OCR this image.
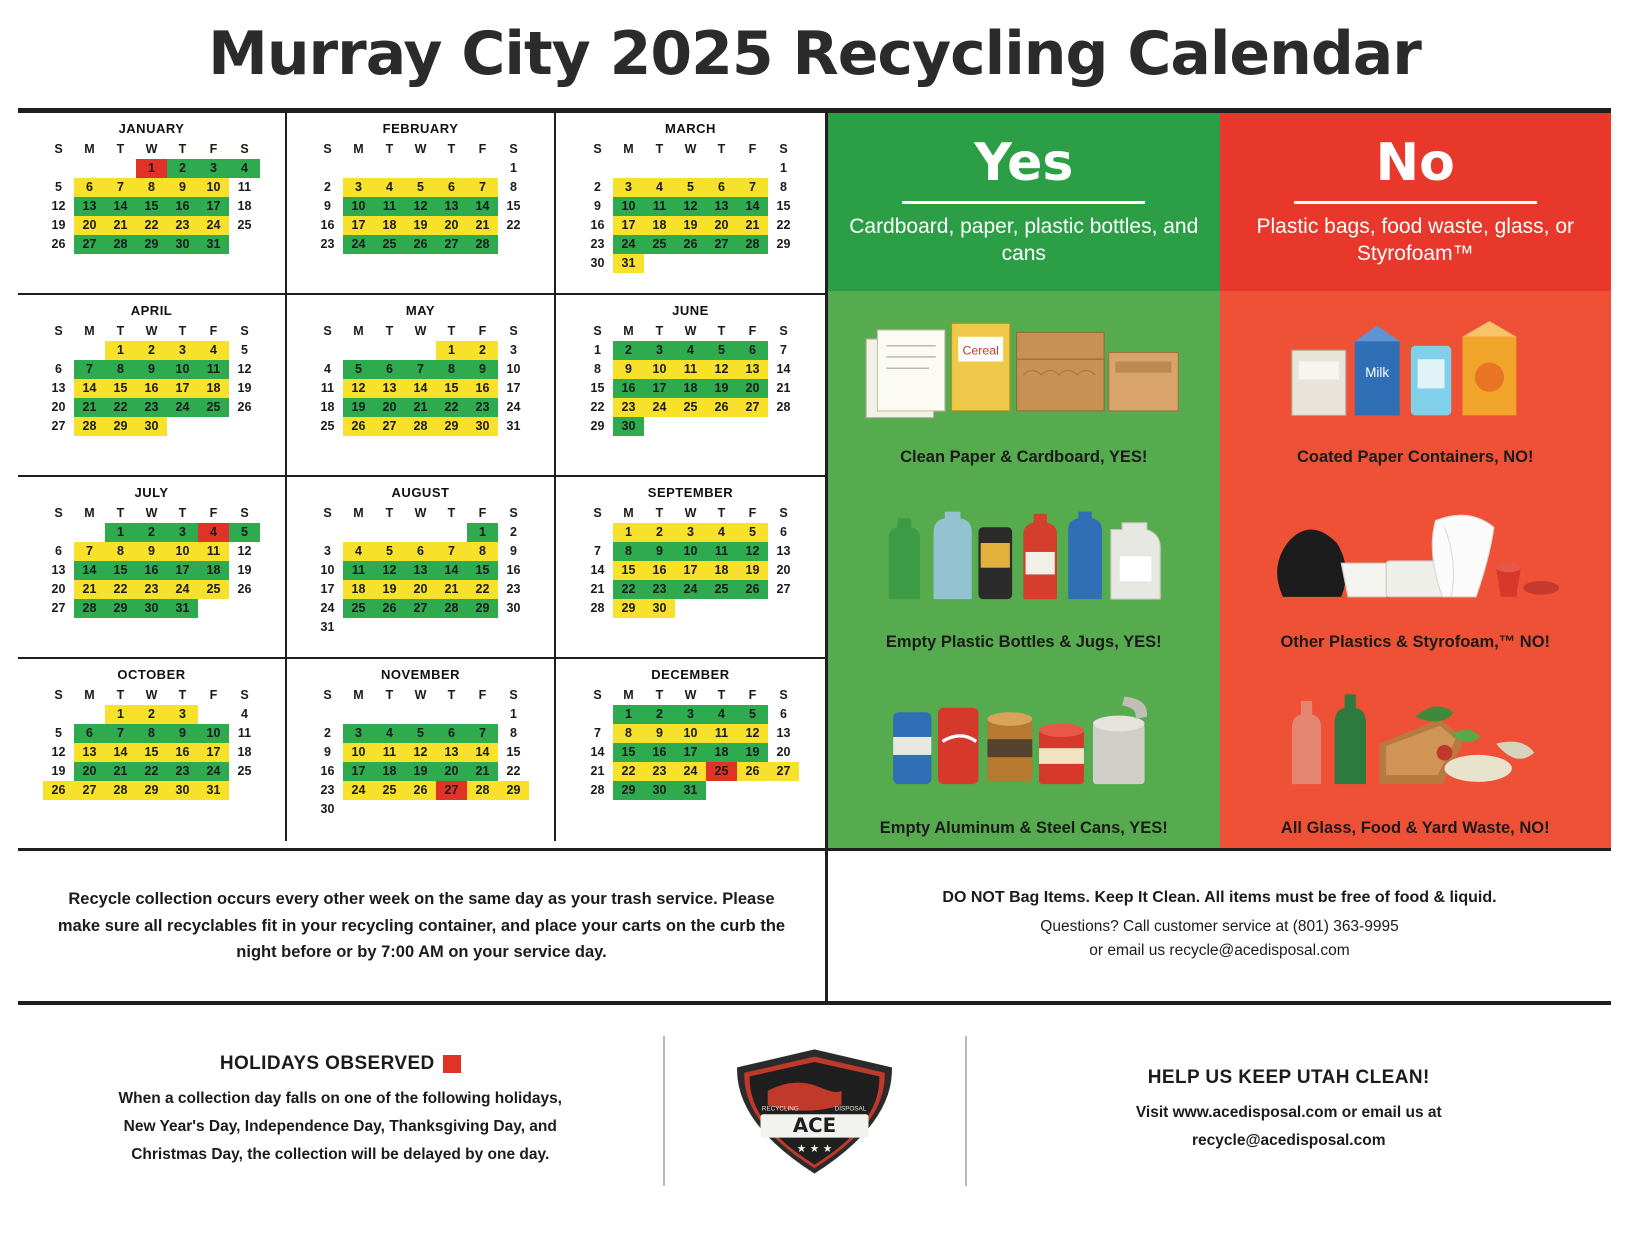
Murray City 2025 Recycling Calendar
JANUARY
S	M	T	W	T	F	S
			1	2	3	4
5	6	7	8	9	10	11
12	13	14	15	16	17	18
19	20	21	22	23	24	25
26	27	28	29	30	31	
FEBRUARY
S	M	T	W	T	F	S
						1
2	3	4	5	6	7	8
9	10	11	12	13	14	15
16	17	18	19	20	21	22
23	24	25	26	27	28	
MARCH
S	M	T	W	T	F	S
						1
2	3	4	5	6	7	8
9	10	11	12	13	14	15
16	17	18	19	20	21	22
23	24	25	26	27	28	29
30	31					
APRIL
S	M	T	W	T	F	S
		1	2	3	4	5
6	7	8	9	10	11	12
13	14	15	16	17	18	19
20	21	22	23	24	25	26
27	28	29	30			
MAY
S	M	T	W	T	F	S
				1	2	3
4	5	6	7	8	9	10
11	12	13	14	15	16	17
18	19	20	21	22	23	24
25	26	27	28	29	30	31
JUNE
S	M	T	W	T	F	S
1	2	3	4	5	6	7
8	9	10	11	12	13	14
15	16	17	18	19	20	21
22	23	24	25	26	27	28
29	30					
JULY
S	M	T	W	T	F	S
		1	2	3	4	5
6	7	8	9	10	11	12
13	14	15	16	17	18	19
20	21	22	23	24	25	26
27	28	29	30	31		
AUGUST
S	M	T	W	T	F	S
					1	2
3	4	5	6	7	8	9
10	11	12	13	14	15	16
17	18	19	20	21	22	23
24	25	26	27	28	29	30
31						
SEPTEMBER
S	M	T	W	T	F	S
	1	2	3	4	5	6
7	8	9	10	11	12	13
14	15	16	17	18	19	20
21	22	23	24	25	26	27
28	29	30				
OCTOBER
S	M	T	W	T	F	S
		1	2	3		4
5	6	7	8	9	10	11
12	13	14	15	16	17	18
19	20	21	22	23	24	25
26	27	28	29	30	31	
NOVEMBER
S	M	T	W	T	F	S
						1
2	3	4	5	6	7	8
9	10	11	12	13	14	15
16	17	18	19	20	21	22
23	24	25	26	27	28	29
30						
DECEMBER
S	M	T	W	T	F	S
	1	2	3	4	5	6
7	8	9	10	11	12	13
14	15	16	17	18	19	20
21	22	23	24	25	26	27
28	29	30	31			
Yes
Cardboard, paper, plastic bottles, and cans
No
Plastic bags, food waste, glass, or Styrofoam™
Cereal
Clean Paper & Cardboard, YES!
Milk
Coated Paper Containers, NO!
Empty Plastic Bottles & Jugs, YES!	Other Plastics & Styrofoam,™ NO!
Empty Aluminum & Steel Cans, YES!	All Glass, Food & Yard Waste, NO!

Recycle collection occurs every other week on the same day as your trash service. Please make sure all recyclables fit in your recycling container, and place your carts on the curb the night before or by 7:00 AM on your service day.

DO NOT Bag Items. Keep It Clean. All items must be free of food & liquid.
Questions? Call customer service at (801) 363-9995
or email us recycle@acedisposal.com
HOLIDAYS OBSERVED
When a collection day falls on one of the following holidays,
New Year's Day, Independence Day, Thanksgiving Day, and
Christmas Day, the collection will be delayed by one day.
ACE
RECYCLING	DISPOSAL
★ ★ ★
HELP US KEEP UTAH CLEAN!
Visit www.acedisposal.com or email us at
recycle@acedisposal.com
